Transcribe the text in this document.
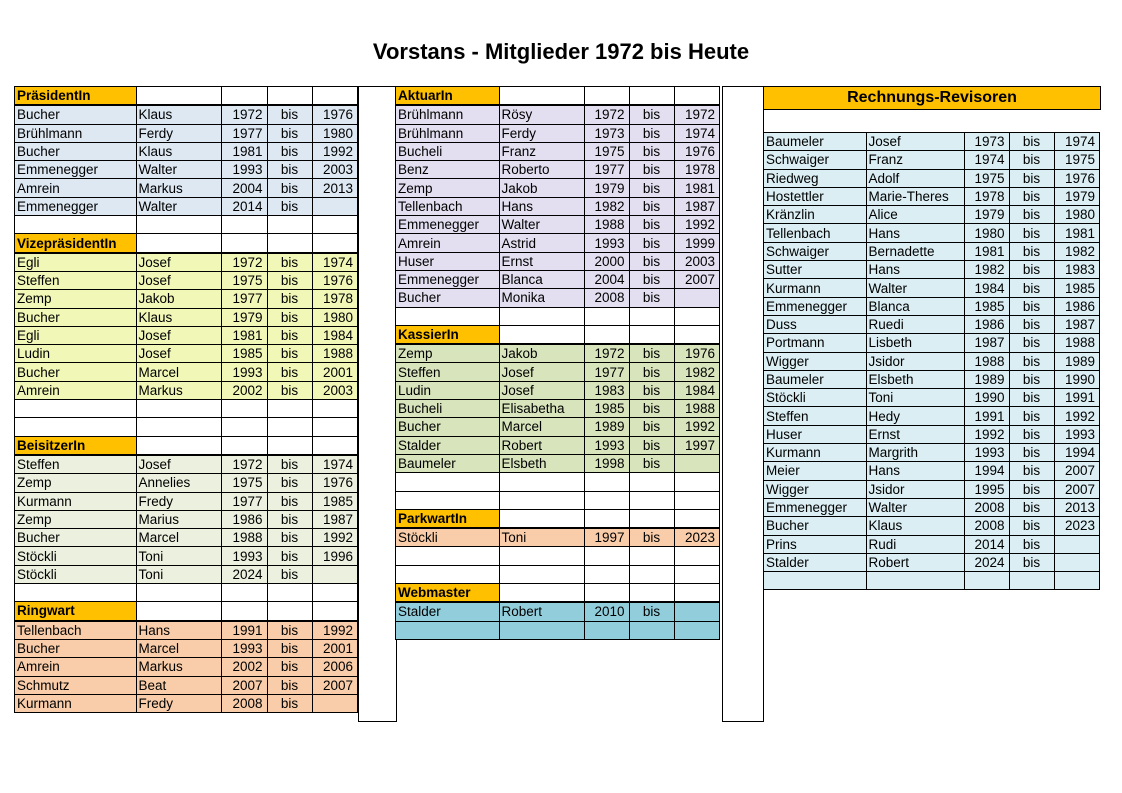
Vorstans - Mitglieder 1972 bis Heute
PräsidentIn				
Bucher	Klaus	1972	bis	1976
Brühlmann	Ferdy	1977	bis	1980
Bucher	Klaus	1981	bis	1992
Emmenegger	Walter	1993	bis	2003
Amrein	Markus	2004	bis	2013
Emmenegger	Walter	2014	bis	

VizepräsidentIn				
Egli	Josef	1972	bis	1974
Steffen	Josef	1975	bis	1976
Zemp	Jakob	1977	bis	1978
Bucher	Klaus	1979	bis	1980
Egli	Josef	1981	bis	1984
Ludin	Josef	1985	bis	1988
Bucher	Marcel	1993	bis	2001
Amrein	Markus	2002	bis	2003

BeisitzerIn				
Steffen	Josef	1972	bis	1974
Zemp	Annelies	1975	bis	1976
Kurmann	Fredy	1977	bis	1985
Zemp	Marius	1986	bis	1987
Bucher	Marcel	1988	bis	1992
Stöckli	Toni	1993	bis	1996
Stöckli	Toni	2024	bis	

Ringwart				
Tellenbach	Hans	1991	bis	1992
Bucher	Marcel	1993	bis	2001
Amrein	Markus	2002	bis	2006
Schmutz	Beat	2007	bis	2007
Kurmann	Fredy	2008	bis	
AktuarIn				
Brühlmann	Rösy	1972	bis	1972
Brühlmann	Ferdy	1973	bis	1974
Bucheli	Franz	1975	bis	1976
Benz	Roberto	1977	bis	1978
Zemp	Jakob	1979	bis	1981
Tellenbach	Hans	1982	bis	1987
Emmenegger	Walter	1988	bis	1992
Amrein	Astrid	1993	bis	1999
Huser	Ernst	2000	bis	2003
Emmenegger	Blanca	2004	bis	2007
Bucher	Monika	2008	bis	

KassierIn				
Zemp	Jakob	1972	bis	1976
Steffen	Josef	1977	bis	1982
Ludin	Josef	1983	bis	1984
Bucheli	Elisabetha	1985	bis	1988
Bucher	Marcel	1989	bis	1992
Stalder	Robert	1993	bis	1997
Baumeler	Elsbeth	1998	bis	

ParkwartIn				
Stöckli	Toni	1997	bis	2023

Webmaster				
Stalder	Robert	2010	bis	

Rechnungs-Revisoren
Baumeler	Josef	1973	bis	1974
Schwaiger	Franz	1974	bis	1975
Riedweg	Adolf	1975	bis	1976
Hostettler	Marie-Theres	1978	bis	1979
Kränzlin	Alice	1979	bis	1980
Tellenbach	Hans	1980	bis	1981
Schwaiger	Bernadette	1981	bis	1982
Sutter	Hans	1982	bis	1983
Kurmann	Walter	1984	bis	1985
Emmenegger	Blanca	1985	bis	1986
Duss	Ruedi	1986	bis	1987
Portmann	Lisbeth	1987	bis	1988
Wigger	Jsidor	1988	bis	1989
Baumeler	Elsbeth	1989	bis	1990
Stöckli	Toni	1990	bis	1991
Steffen	Hedy	1991	bis	1992
Huser	Ernst	1992	bis	1993
Kurmann	Margrith	1993	bis	1994
Meier	Hans	1994	bis	2007
Wigger	Jsidor	1995	bis	2007
Emmenegger	Walter	2008	bis	2013
Bucher	Klaus	2008	bis	2023
Prins	Rudi	2014	bis	
Stalder	Robert	2024	bis	
